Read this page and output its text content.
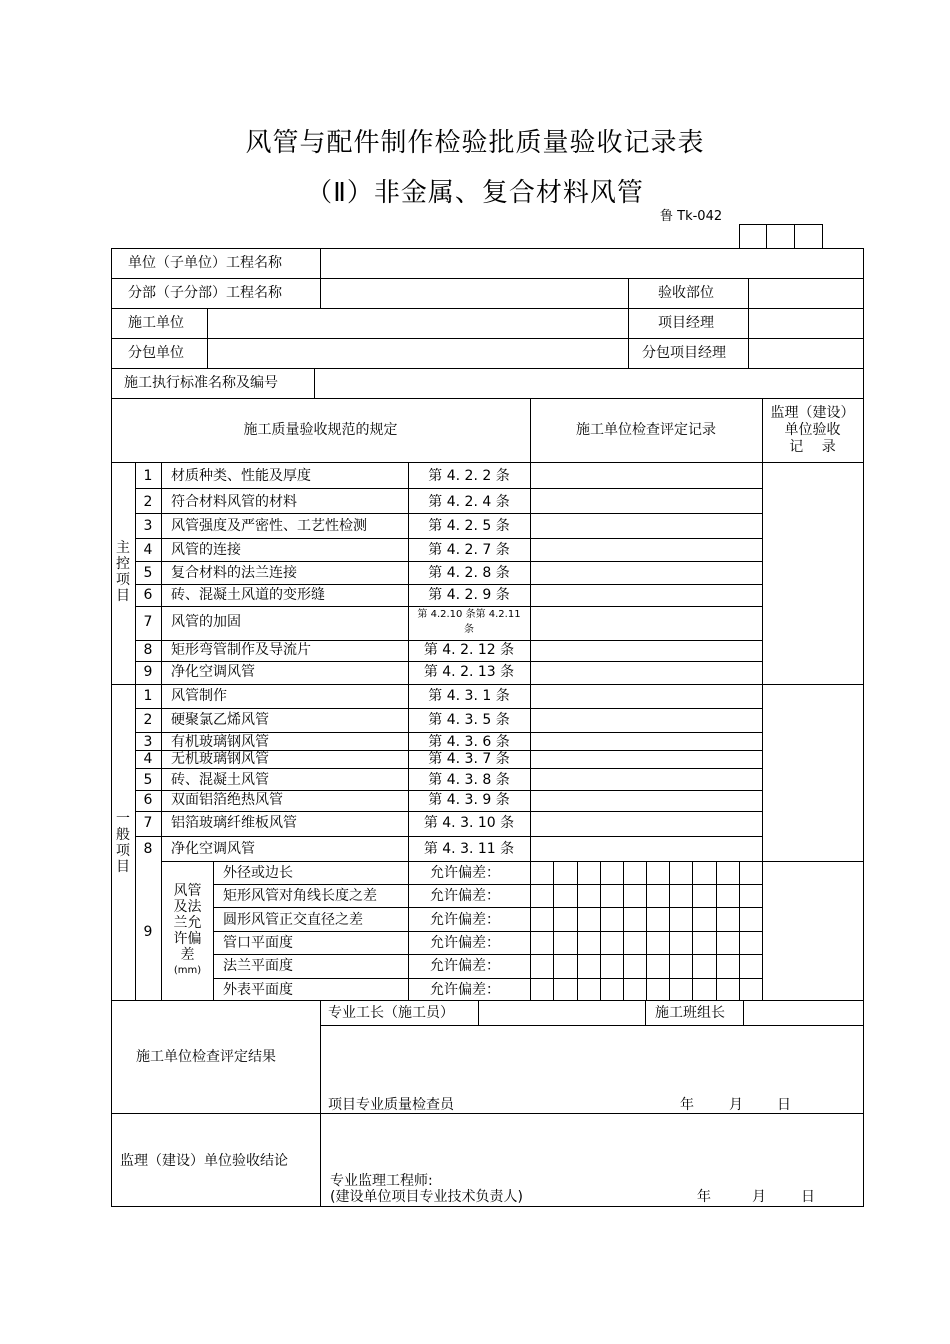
风管与配件制作检验批质量验收记录表
（Ⅱ）非金属、复合材料风管
鲁 Tk-042
单位（子单位）工程名称
分部（子分部）工程名称	验收部位
施工单位	项目经理
分包单位	分包项目经理
施工执行标准名称及编号
施工质量验收规范的规定	施工单位检查评定记录
监理（建设）
单位验收
记　 录
主
控
项
目
一
般
项
目
1	材质种类、性能及厚度	第 4. 2. 2 条
2	符合材料风管的材料	第 4. 2. 4 条
3	风管强度及严密性、工艺性检测	第 4. 2. 5 条
4	风管的连接	第 4. 2. 7 条
5	复合材料的法兰连接	第 4. 2. 8 条
6	砖、混凝土风道的变形缝	第 4. 2. 9 条
7	风管的加固	第 4.2.10 条第 4.2.11
条
8	矩形弯管制作及导流片	第 4. 2. 12 条
9	净化空调风管	第 4. 2. 13 条
1	风管制作	第 4. 3. 1 条
2	硬聚氯乙烯风管	第 4. 3. 5 条
3	有机玻璃钢风管	第 4. 3. 6 条
4	无机玻璃钢风管	第 4. 3. 7 条
5	砖、混凝土风管	第 4. 3. 8 条
6	双面铝箔绝热风管	第 4. 3. 9 条
7	铝箔玻璃纤维板风管	第 4. 3. 10 条
8	净化空调风管	第 4. 3. 11 条
9
风管
及法
兰允
许偏
差
(mm)
外径或边长	允许偏差：
矩形风管对角线长度之差	允许偏差：
圆形风管正交直径之差	允许偏差：
管口平面度	允许偏差：
法兰平面度	允许偏差：
外表平面度	允许偏差：
专业工长（施工员）	施工班组长
施工单位检查评定结果
项目专业质量检查员	年	月 日
监理（建设）单位验收结论
专业监理工程师:
(建设单位项目专业技术负责人)	年	月	日
